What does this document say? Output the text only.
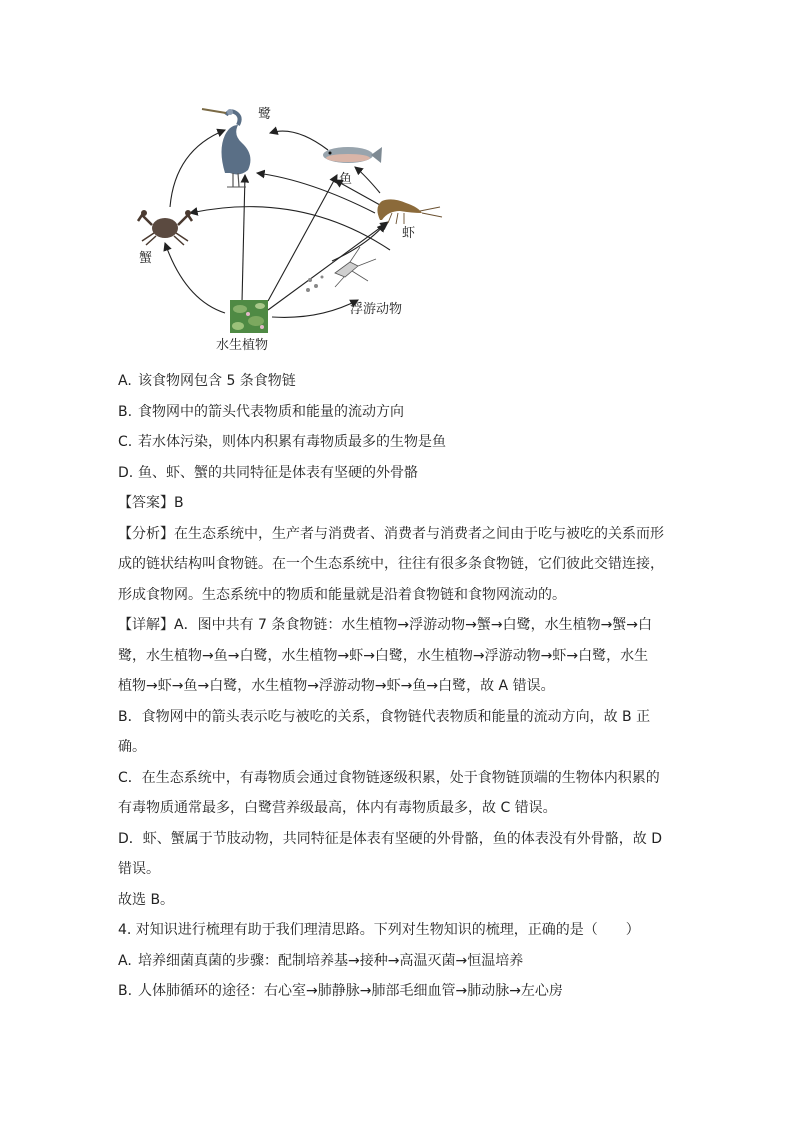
鹭
鱼
虾
蟹
浮游动物
水生植物
A. 该食物网包含 5 条食物链
B. 食物网中的箭头代表物质和能量的流动方向
C. 若水体污染，则体内积累有毒物质最多的生物是鱼
D. 鱼、虾、蟹的共同特征是体表有坚硬的外骨骼
【答案】B
【分析】在生态系统中，生产者与消费者、消费者与消费者之间由于吃与被吃的关系而形
成的链状结构叫食物链。在一个生态系统中，往往有很多条食物链，它们彼此交错连接，
形成食物网。生态系统中的物质和能量就是沿着食物链和食物网流动的。
【详解】A．图中共有 7 条食物链：水生植物→浮游动物→蟹→白鹭，水生植物→蟹→白
鹭，水生植物→鱼→白鹭，水生植物→虾→白鹭，水生植物→浮游动物→虾→白鹭，水生
植物→虾→鱼→白鹭，水生植物→浮游动物→虾→鱼→白鹭，故 A 错误。
B．食物网中的箭头表示吃与被吃的关系，食物链代表物质和能量的流动方向，故 B 正
确。
C．在生态系统中，有毒物质会通过食物链逐级积累，处于食物链顶端的生物体内积累的
有毒物质通常最多，白鹭营养级最高，体内有毒物质最多，故 C 错误。
D．虾、蟹属于节肢动物，共同特征是体表有坚硬的外骨骼，鱼的体表没有外骨骼，故 D
错误。
故选 B。
4. 对知识进行梳理有助于我们理清思路。下列对生物知识的梳理，正确的是（　　）
A. 培养细菌真菌的步骤：配制培养基→接种→高温灭菌→恒温培养
B. 人体肺循环的途径：右心室→肺静脉→肺部毛细血管→肺动脉→左心房
